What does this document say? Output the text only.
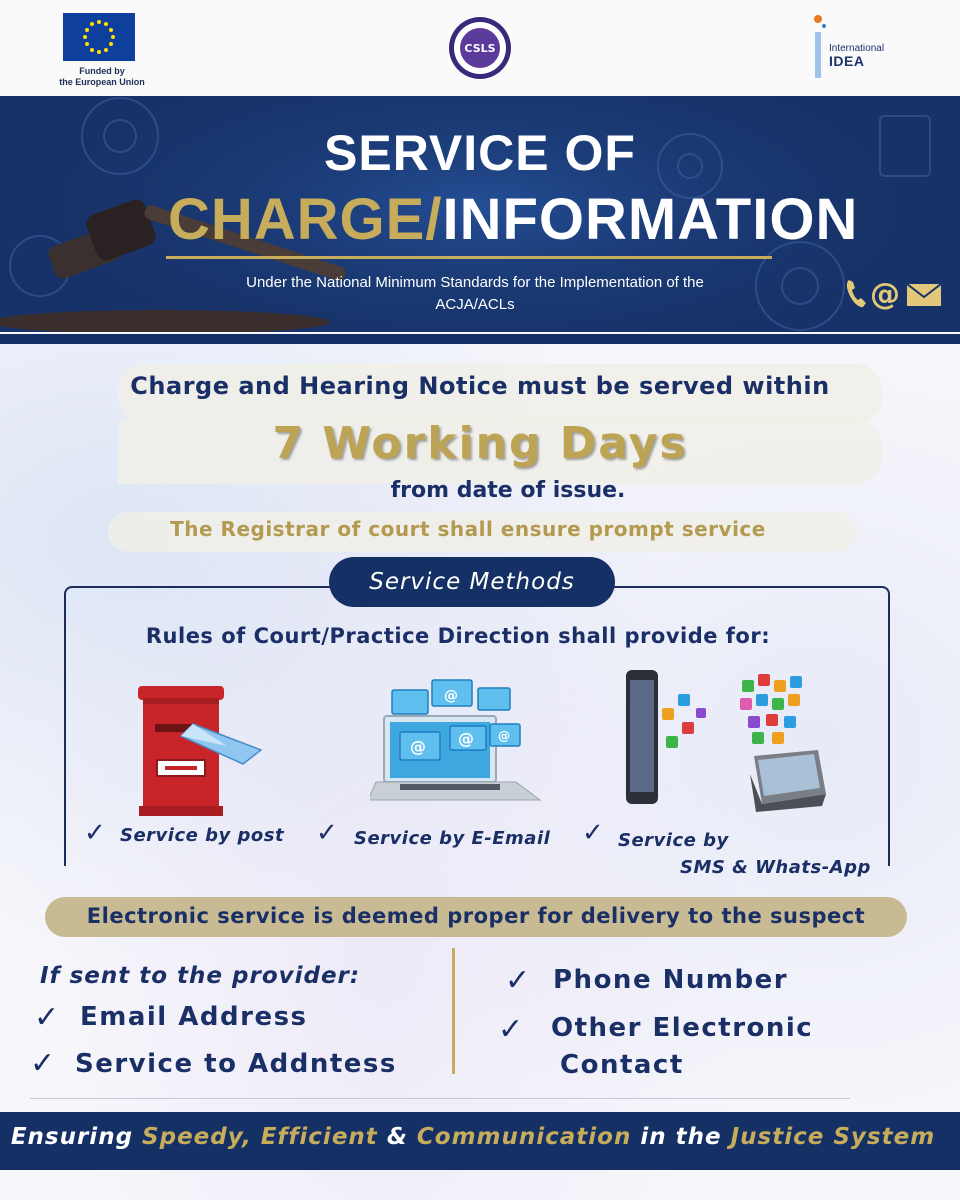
Funded by
the European Union
CSLS	International
IDEA
SERVICE OF
CHARGE/INFORMATION
Under the National Minimum Standards for the Implementation of the
ACJA/ACLs	@
Charge and Hearing Notice must be served within
7 Working Days
from date of issue.
The Registrar of court shall ensure prompt service
Service Methods
Rules of Court/Practice Direction shall provide for:
@ @ @
@
✓ Service by post ✓ Service by E-Email ✓ Service by
SMS & Whats-App
Electronic service is deemed proper for delivery to the suspect
If sent to the provider:
✓ Email Address
✓ Service to Addntess
✓ Phone Number
✓ Other Electronic
Contact
Ensuring Speedy, Efficient & Communication in the Justice System
